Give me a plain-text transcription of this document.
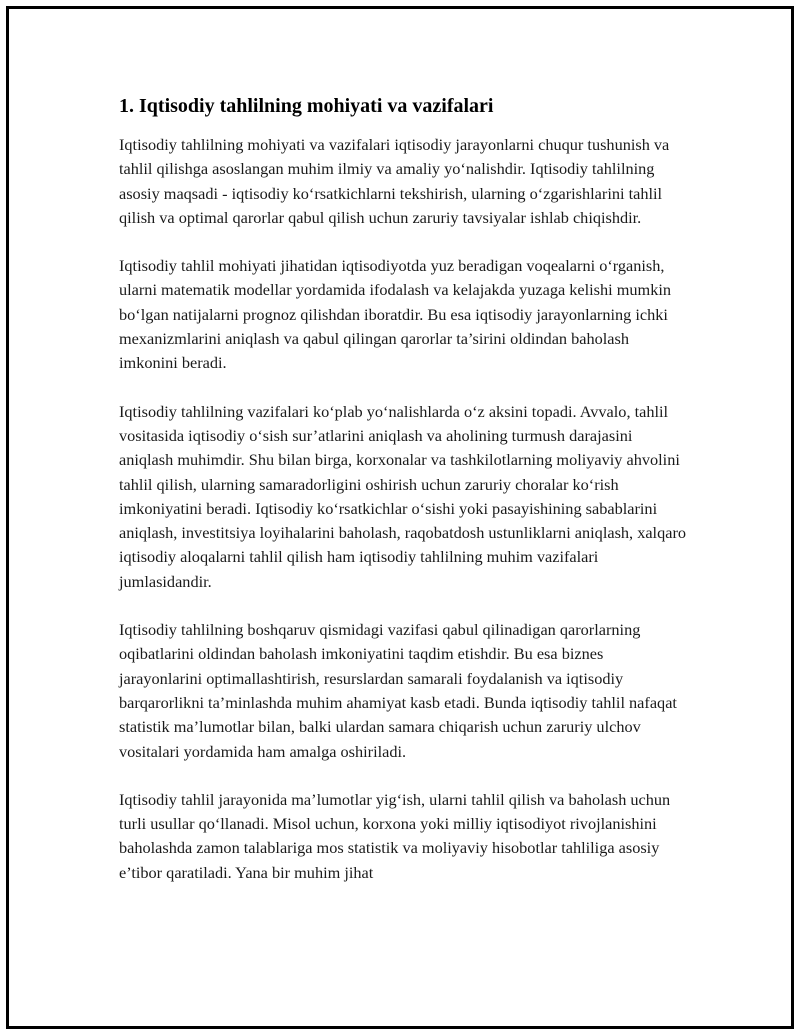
1. Iqtisodiy tahlilning mohiyati va vazifalari

Iqtisodiy tahlilning mohiyati va vazifalari iqtisodiy jarayonlarni chuqur tushunish va tahlil qilishga asoslangan muhim ilmiy va amaliy yo‘nalishdir. Iqtisodiy tahlilning asosiy maqsadi - iqtisodiy ko‘rsatkichlarni tekshirish, ularning o‘zgarishlarini tahlil qilish va optimal qarorlar qabul qilish uchun zaruriy tavsiyalar ishlab chiqishdir.

Iqtisodiy tahlil mohiyati jihatidan iqtisodiyotda yuz beradigan voqealarni o‘rganish, ularni matematik modellar yordamida ifodalash va kelajakda yuzaga kelishi mumkin bo‘lgan natijalarni prognoz qilishdan iboratdir. Bu esa iqtisodiy jarayonlarning ichki mexanizmlarini aniqlash va qabul qilingan qarorlar ta’sirini oldindan baholash imkonini beradi.

Iqtisodiy tahlilning vazifalari ko‘plab yo‘nalishlarda o‘z aksini topadi. Avvalo, tahlil vositasida iqtisodiy o‘sish sur’atlarini aniqlash va aholining turmush darajasini aniqlash muhimdir. Shu bilan birga, korxonalar va tashkilotlarning moliyaviy ahvolini tahlil qilish, ularning samaradorligini oshirish uchun zaruriy choralar ko‘rish imkoniyatini beradi. Iqtisodiy ko‘rsatkichlar o‘sishi yoki pasayishining sabablarini aniqlash, investitsiya loyihalarini baholash, raqobatdosh ustunliklarni aniqlash, xalqaro iqtisodiy aloqalarni tahlil qilish ham iqtisodiy tahlilning muhim vazifalari jumlasidandir.

Iqtisodiy tahlilning boshqaruv qismidagi vazifasi qabul qilinadigan qarorlarning oqibatlarini oldindan baholash imkoniyatini taqdim etishdir. Bu esa biznes jarayonlarini optimallashtirish, resurslardan samarali foydalanish va iqtisodiy barqarorlikni ta’minlashda muhim ahamiyat kasb etadi. Bunda iqtisodiy tahlil nafaqat statistik ma’lumotlar bilan, balki ulardan samara chiqarish uchun zaruriy ulchov vositalari yordamida ham amalga oshiriladi.

Iqtisodiy tahlil jarayonida ma’lumotlar yig‘ish, ularni tahlil qilish va baholash uchun turli usullar qo‘llanadi. Misol uchun, korxona yoki milliy iqtisodiyot rivojlanishini baholashda zamon talablariga mos statistik va moliyaviy hisobotlar tahliliga asosiy e’tibor qaratiladi. Yana bir muhim jihat
